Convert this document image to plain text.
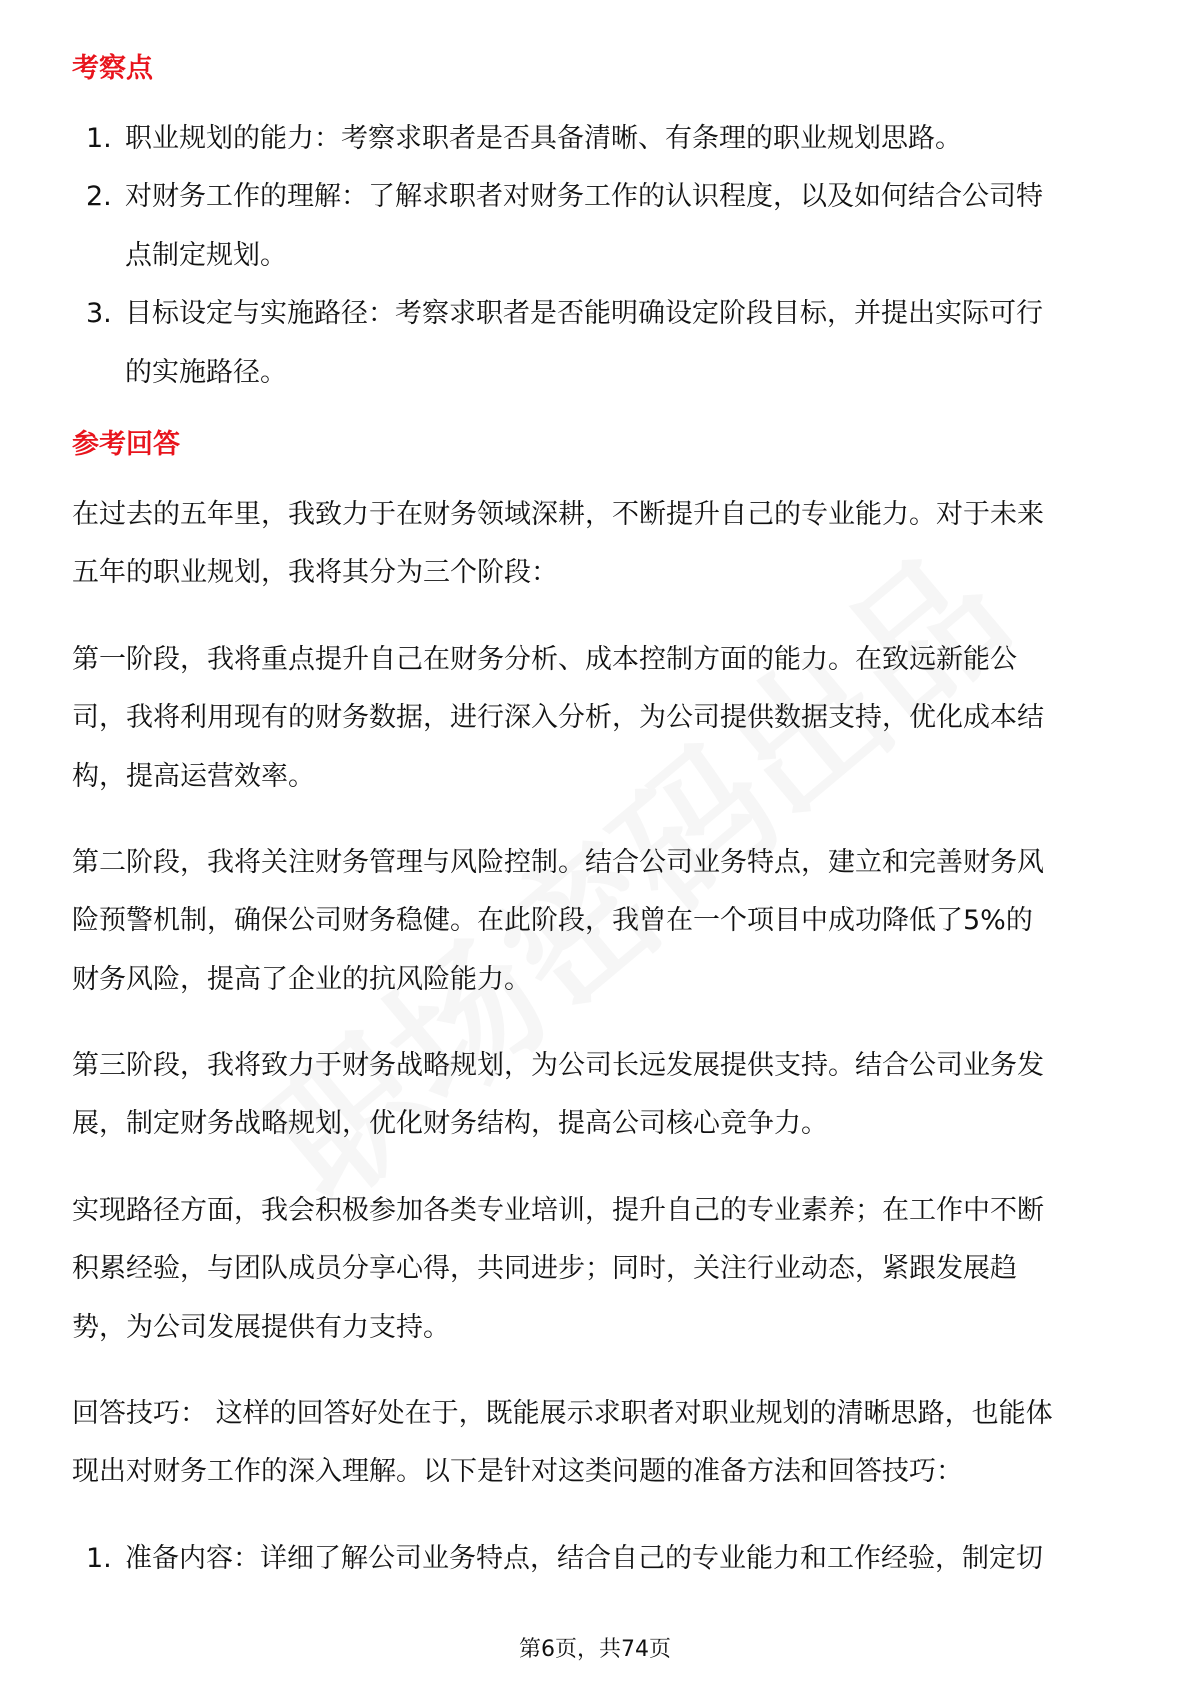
考察点
1. 职业规划的能力：考察求职者是否具备清晰、有条理的职业规划思路。
2. 对财务工作的理解：了解求职者对财务工作的认识程度，以及如何结合公司特
点制定规划。
3. 目标设定与实施路径：考察求职者是否能明确设定阶段目标，并提出实际可行
的实施路径。
参考回答
在过去的五年里，我致力于在财务领域深耕，不断提升自己的专业能力。对于未来
五年的职业规划，我将其分为三个阶段：
第一阶段，我将重点提升自己在财务分析、成本控制方面的能力。在致远新能公
司，我将利用现有的财务数据，进行深入分析，为公司提供数据支持，优化成本结
构，提高运营效率。
第二阶段，我将关注财务管理与风险控制。结合公司业务特点，建立和完善财务风
险预警机制，确保公司财务稳健。在此阶段，我曾在一个项目中成功降低了5%的
财务风险，提高了企业的抗风险能力。
第三阶段，我将致力于财务战略规划，为公司长远发展提供支持。结合公司业务发
展，制定财务战略规划，优化财务结构，提高公司核心竞争力。
实现路径方面，我会积极参加各类专业培训，提升自己的专业素养；在工作中不断
积累经验，与团队成员分享心得，共同进步；同时，关注行业动态，紧跟发展趋
势，为公司发展提供有力支持。
回答技巧： 这样的回答好处在于，既能展示求职者对职业规划的清晰思路，也能体
现出对财务工作的深入理解。以下是针对这类问题的准备方法和回答技巧：
1. 准备内容：详细了解公司业务特点，结合自己的专业能力和工作经验，制定切
第6页，共74页
